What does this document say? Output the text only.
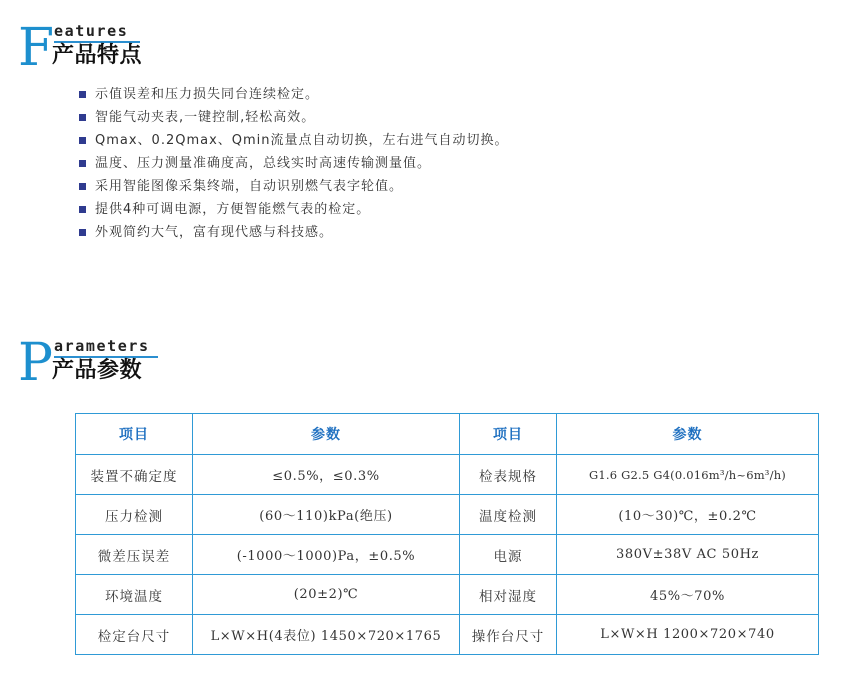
F eatures
产品特点
示值误差和压力损失同台连续检定。
智能气动夹表,一键控制,轻松高效。
Qmax、0.2Qmax、Qmin流量点自动切换，左右进气自动切换。
温度、压力测量准确度高，总线实时高速传输测量值。
采用智能图像采集终端，自动识别燃气表字轮值。
提供4种可调电源，方便智能燃气表的检定。
外观简约大气，富有现代感与科技感。
P arameters
产品参数
项目	参数	项目	参数
装置不确定度	≤0.5%，≤0.3%	检表规格	G1.6 G2.5 G4(0.016m³/h~6m³/h)
压力检测	(60～110)kPa(绝压)	温度检测	(10～30)℃，±0.2℃
微差压误差	(-1000～1000)Pa，±0.5%	电源	380V±38V AC 50Hz
环境温度	(20±2)℃	相对湿度	45%～70%
检定台尺寸	L×W×H(4表位) 1450×720×1765	操作台尺寸	L×W×H 1200×720×740
